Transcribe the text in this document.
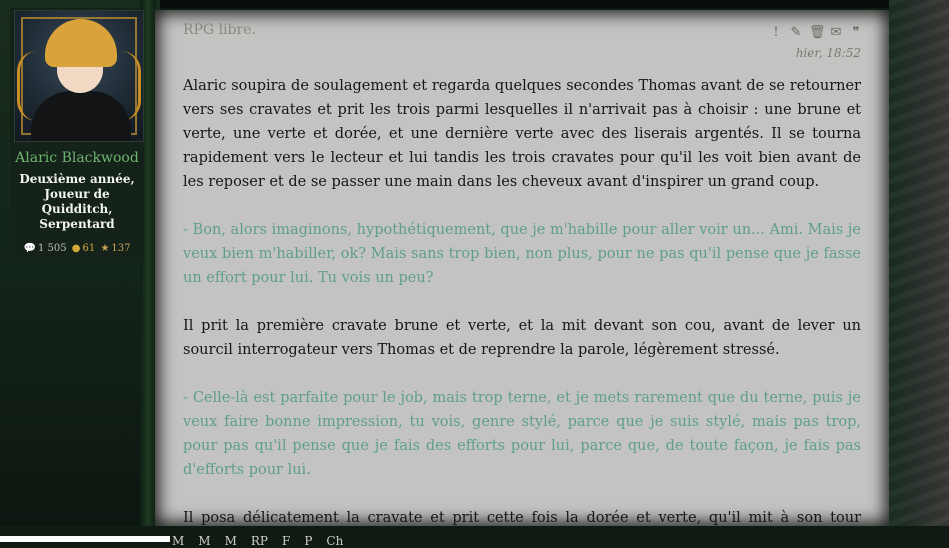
Alaric Blackwood
Deuxième année, Joueur de Quidditch, Serpentard
💬 1 505 ● 61 ★ 137
RPG libre.	! ✎ 🗑 ✉ ❞
hier, 18:52

Alaric soupira de soulagement et regarda quelques secondes Thomas avant de se retourner vers ses cravates et prit les trois parmi lesquelles il n'arrivait pas à choisir : une brune et verte, une verte et dorée, et une dernière verte avec des liserais argentés. Il se tourna rapidement vers le lecteur et lui tandis les trois cravates pour qu'il les voit bien avant de les reposer et de se passer une main dans les cheveux avant d'inspirer un grand coup.

- Bon, alors imaginons, hypothétiquement, que je m'habille pour aller voir un... Ami. Mais je veux bien m'habiller, ok? Mais sans trop bien, non plus, pour ne pas qu'il pense que je fasse un effort pour lui. Tu vois un peu?

Il prit la première cravate brune et verte, et la mit devant son cou, avant de lever un sourcil interrogateur vers Thomas et de reprendre la parole, légèrement stressé.

- Celle-là est parfaite pour le job, mais trop terne, et je mets rarement que du terne, puis je veux faire bonne impression, tu vois, genre stylé, parce que je suis stylé, mais pas trop, pour pas qu'il pense que je fais des efforts pour lui, parce que, de toute façon, je fais pas d'efforts pour lui.

Il posa délicatement la cravate et prit cette fois la dorée et verte, qu'il mit à son tour

M M M RP F P Ch
